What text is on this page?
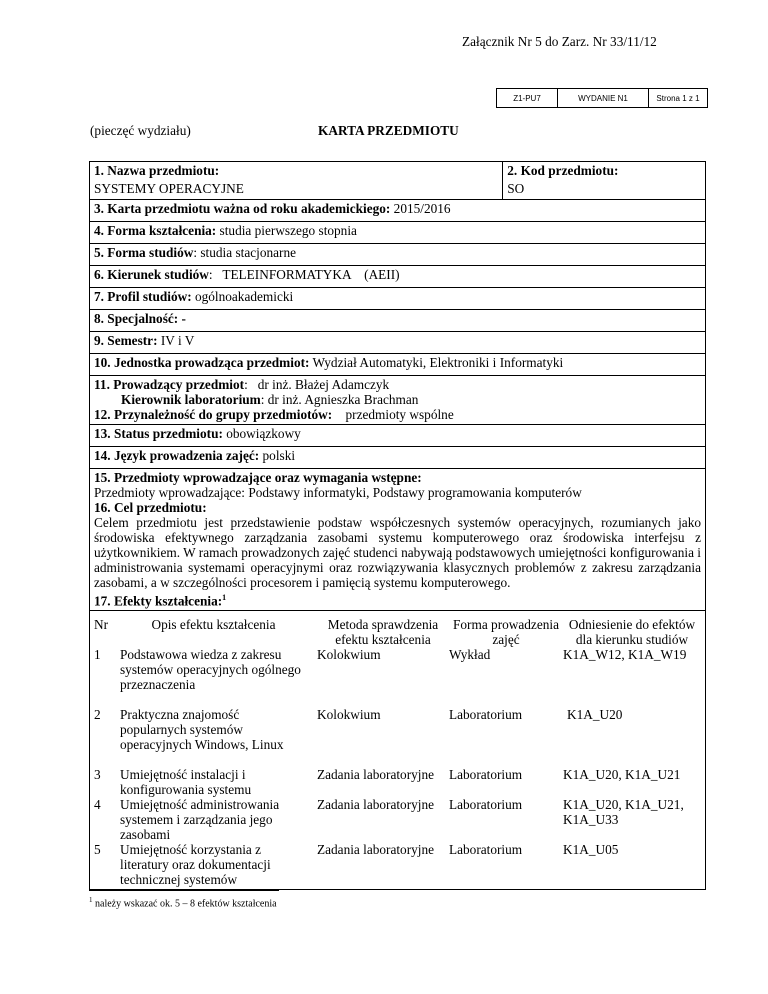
Załącznik Nr 5 do Zarz. Nr 33/11/12
Z1-PU7	WYDANIE N1	Strona 1 z 1
(pieczęć wydziału)	KARTA PRZEDMIOTU
1. Nazwa przedmiotu:
SYSTEMY OPERACYJNE

2. Kod przedmiotu:
SO

3. Karta przedmiotu ważna od roku akademickiego: 2015/2016
4. Forma kształcenia: studia pierwszego stopnia
5. Forma studiów: studia stacjonarne
6. Kierunek studiów:   TELEINFORMATYKA    (AEII)
7. Profil studiów: ogólnoakademicki
8. Specjalność: -
9. Semestr: IV i V
10. Jednostka prowadząca przedmiot: Wydział Automatyki, Elektroniki i Informatyki

11. Prowadzący przedmiot:   dr inż. Błażej Adamczyk
Kierownik laboratorium: dr inż. Agnieszka Brachman
12. Przynależność do grupy przedmiotów:    przedmioty wspólne

13. Status przedmiotu: obowiązkowy
14. Język prowadzenia zajęć: polski

15. Przedmioty wprowadzające oraz wymagania wstępne:
Przedmioty wprowadzające: Podstawy informatyki, Podstawy programowania komputerów
16. Cel przedmiotu:
Celem przedmiotu jest przedstawienie podstaw współczesnych systemów operacyjnych, rozumianych jako środowiska efektywnego zarządzania zasobami systemu komputerowego oraz środowiska interfejsu z użytkownikiem. W ramach prowadzonych zajęć studenci nabywają podstawowych umiejętności konfigurowania i administrowania systemami operacyjnymi oraz rozwiązywania klasycznych problemów z zakresu zarządzania zasobami, a w szczególności procesorem i pamięcią systemu komputerowego.
17. Efekty kształcenia:$^1$

Nr	Opis efektu kształcenia	Metoda sprawdzenia efektu kształcenia	Forma prowadzenia zajęć	Odniesienie do efektów dla kierunku studiów
1	Podstawowa wiedza z zakresu systemów operacyjnych ogólnego przeznaczenia	Kolokwium	Wykład	K1A_W12, K1A_W19
2	Praktyczna znajomość popularnych systemów operacyjnych Windows, Linux	Kolokwium	Laboratorium	K1A_U20
3	Umiejętność instalacji i konfigurowania systemu	Zadania laboratoryjne	Laboratorium	K1A_U20, K1A_U21
4	Umiejętność administrowania systemem i zarządzania jego zasobami	Zadania laboratoryjne	Laboratorium	K1A_U20, K1A_U21, K1A_U33
5	Umiejętność korzystania z literatury oraz dokumentacji technicznej systemów	Zadania laboratoryjne	Laboratorium	K1A_U05
$^1$ należy wskazać ok. 5 – 8 efektów kształcenia
